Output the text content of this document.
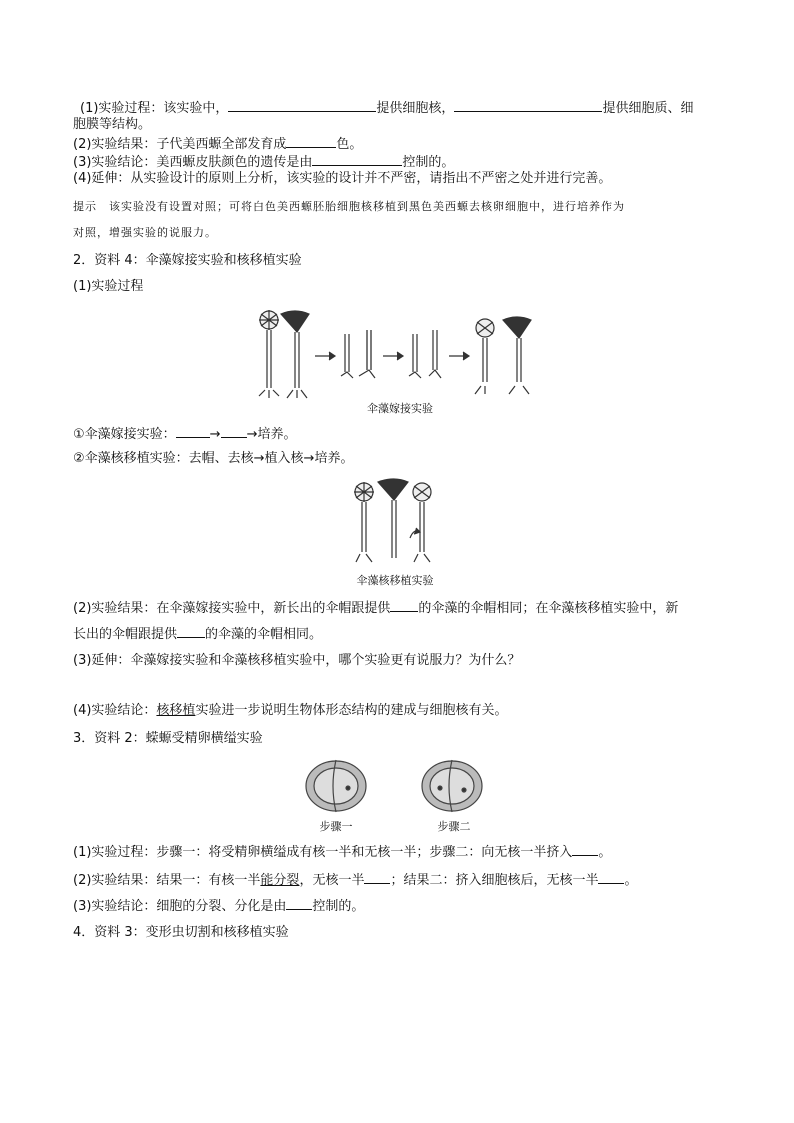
(1)实验过程：该实验中，	提供细胞核，	提供细胞质、细
胞膜等结构。
(2)实验结果：子代美西螈全部发育成	色。
(3)实验结论：美西螈皮肤颜色的遗传是由	控制的。
(4)延伸：从实验设计的原则上分析，该实验的设计并不严密，请指出不严密之处并进行完善。
提示　该实验没有设置对照；可将白色美西螈胚胎细胞核移植到黑色美西螈去核卵细胞中，进行培养作为
对照，增强实验的说服力。
2．资料 4：伞藻嫁接实验和核移植实验
(1)实验过程
伞藻嫁接实验
①伞藻嫁接实验：	→ →培养。
②伞藻核移植实验：去帽、去核→植入核→培养。
伞藻核移植实验
(2)实验结果：在伞藻嫁接实验中，新长出的伞帽跟提供 的伞藻的伞帽相同；在伞藻核移植实验中，新
长出的伞帽跟提供 的伞藻的伞帽相同。
(3)延伸：伞藻嫁接实验和伞藻核移植实验中，哪个实验更有说服力？为什么？
(4)实验结论：核移植实验进一步说明生物体形态结构的建成与细胞核有关。
3．资料 2：蝾螈受精卵横缢实验
步骤一	步骤二
(1)实验过程：步骤一：将受精卵横缢成有核一半和无核一半；步骤二：向无核一半挤入 。
(2)实验结果：结果一：有核一半能分裂，无核一半 ；结果二：挤入细胞核后，无核一半 。
(3)实验结论：细胞的分裂、分化是由 控制的。
4．资料 3：变形虫切割和核移植实验
